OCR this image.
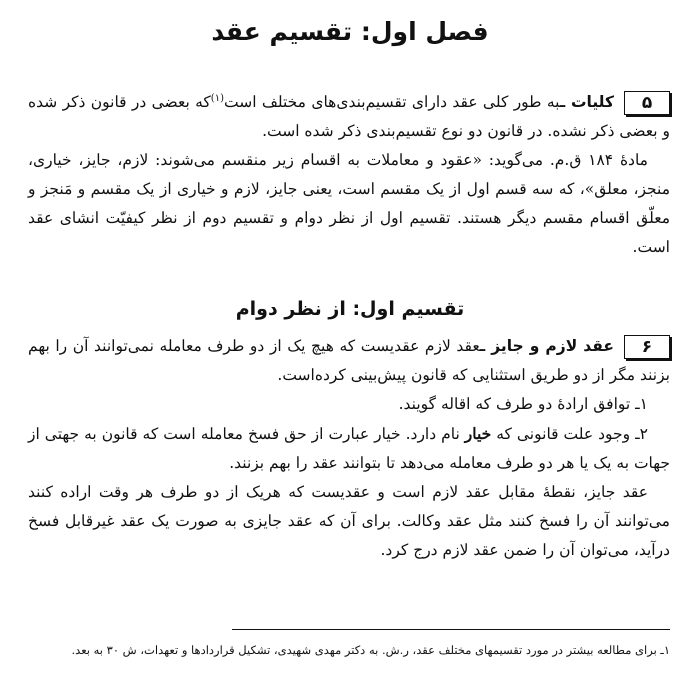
فصل اول: تقسیم عقد

۵کلیات ـبه طور کلی عقد دارای تقسیم‌بندی‌های مختلف است$^{(۱)}$که بعضی در قانون ذکر شده و بعضی ذکر نشده. در قانون دو نوع تقسیم‌بندی ذکر شده است.

مادۀ ۱۸۴ ق.م. می‌گوید: «عقود و معاملات به اقسام زیر منقسم می‌شوند: لازم، جایز، خیاری، منجز، معلق»، که سه قسم اول از یک مقسم است، یعنی جایز، لازم و خیاری از یک مقسم و مَنجز و معلّق اقسام مقسم دیگر هستند. تقسیم اول از نظر دوام و تقسیم دوم از نظر کیفیّت انشای عقد است.

تقسیم اول: از نظر دوام

۶عقد لازم و جایز ـعقد لازم عقدیست که هیچ یک از دو طرف معامله نمی‌توانند آن را بهم بزنند مگر از دو طریق استثنایی که قانون پیش‌بینی کرده‌است.

۱ـ توافق ارادۀ دو طرف که اقاله گویند.

۲ـ وجود علت قانونی که خیار نام دارد. خیار عبارت از حق فسخ معامله است که قانون به جهتی از جهات به یک یا هر دو طرف معامله می‌دهد تا بتوانند عقد را بهم بزنند.

عقد جایز، نقطۀ مقابل عقد لازم است و عقدیست که هریک از دو طرف هر وقت اراده کنند می‌توانند آن را فسخ کنند مثل عقد وکالت. برای آن که عقد جایزی به صورت یک عقد غیرقابل فسخ درآید، می‌توان آن را ضمن عقد لازم درج کرد.

۱ـ برای مطالعه بیشتر در مورد تقسیمهای مختلف عقد، ر.ش. به دکتر مهدی شهیدی، تشکیل قراردادها و تعهدات، ش ۳۰ به بعد.
